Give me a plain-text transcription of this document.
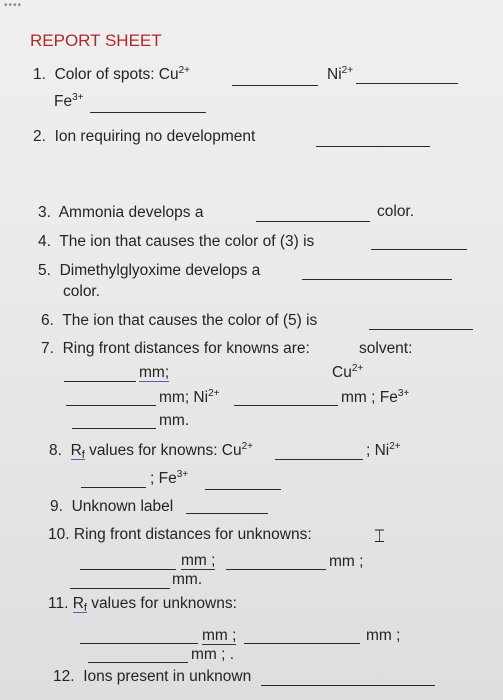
••••
REPORT SHEET
1. Color of spots: $Cu^{2+}$	$Ni^{2+}$
$Fe^{3+}$
2. Ion requiring no development
3. Ammonia develops a	color.
4. The ion that causes the color of (3) is
5. Dimethylglyoxime develops a
color.
6. The ion that causes the color of (5) is
7. Ring front distances for knowns are:	solvent:
mm;	$Cu^{2+}$
mm; $Ni^{2+}$	mm ; $Fe^{3+}$
mm.
8. Rf values for knowns: $Cu^{2+}$	; $Ni^{2+}$
; $Fe^{3+}$
9. Unknown label
10. Ring front distances for unknowns:	⌶
mm ;	mm ;
mm.
11. Rf values for unknowns:
mm ;	mm ;
mm ; .
12. Ions present in unknown
